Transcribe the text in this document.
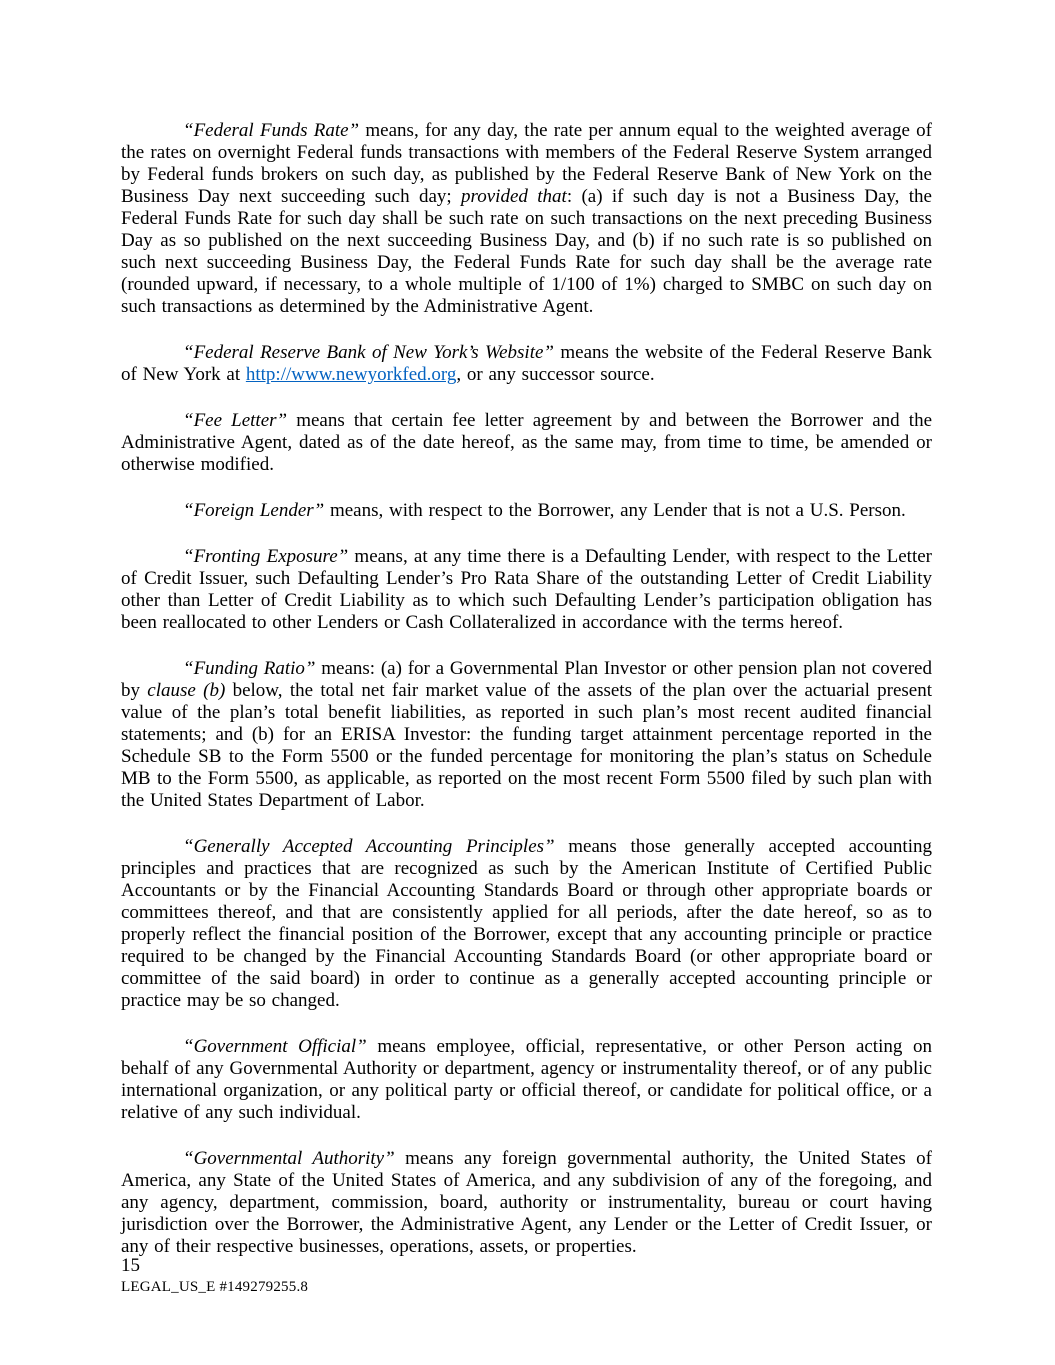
“Federal Funds Rate” means, for any day, the rate per annum equal to the weighted average of the rates on overnight Federal funds transactions with members of the Federal Reserve System arranged by Federal funds brokers on such day, as published by the Federal Reserve Bank of New York on the Business Day next succeeding such day; provided that: (a) if such day is not a Business Day, the Federal Funds Rate for such day shall be such rate on such transactions on the next preceding Business Day as so published on the next succeeding Business Day, and (b) if no such rate is so published on such next succeeding Business Day, the Federal Funds Rate for such day shall be the average rate (rounded upward, if necessary, to a whole multiple of 1/100 of 1%) charged to SMBC on such day on such transactions as determined by the Administrative Agent.

“Federal Reserve Bank of New York’s Website” means the website of the Federal Reserve Bank of New York at http://www.newyorkfed.org, or any successor source.

“Fee Letter” means that certain fee letter agreement by and between the Borrower and the Administrative Agent, dated as of the date hereof, as the same may, from time to time, be amended or otherwise modified.

“Foreign Lender” means, with respect to the Borrower, any Lender that is not a U.S. Person.

“Fronting Exposure” means, at any time there is a Defaulting Lender, with respect to the Letter of Credit Issuer, such Defaulting Lender’s Pro Rata Share of the outstanding Letter of Credit Liability other than Letter of Credit Liability as to which such Defaulting Lender’s participation obligation has been reallocated to other Lenders or Cash Collateralized in accordance with the terms hereof.

“Funding Ratio” means: (a) for a Governmental Plan Investor or other pension plan not covered by clause (b) below, the total net fair market value of the assets of the plan over the actuarial present value of the plan’s total benefit liabilities, as reported in such plan’s most recent audited financial statements; and (b) for an ERISA Investor: the funding target attainment percentage reported in the Schedule SB to the Form 5500 or the funded percentage for monitoring the plan’s status on Schedule MB to the Form 5500, as applicable, as reported on the most recent Form 5500 filed by such plan with the United States Department of Labor.

“Generally Accepted Accounting Principles” means those generally accepted accounting principles and practices that are recognized as such by the American Institute of Certified Public Accountants or by the Financial Accounting Standards Board or through other appropriate boards or committees thereof, and that are consistently applied for all periods, after the date hereof, so as to properly reflect the financial position of the Borrower, except that any accounting principle or practice required to be changed by the Financial Accounting Standards Board (or other appropriate board or committee of the said board) in order to continue as a generally accepted accounting principle or practice may be so changed.

“Government Official” means employee, official, representative, or other Person acting on behalf of any Governmental Authority or department, agency or instrumentality thereof, or of any public international organization, or any political party or official thereof, or candidate for political office, or a relative of any such individual.

“Governmental Authority” means any foreign governmental authority, the United States of America, any State of the United States of America, and any subdivision of any of the foregoing, and any agency, department, commission, board, authority or instrumentality, bureau or court having jurisdiction over the Borrower, the Administrative Agent, any Lender or the Letter of Credit Issuer, or any of their respective businesses, operations, assets, or properties.

15
LEGAL_US_E #149279255.8
